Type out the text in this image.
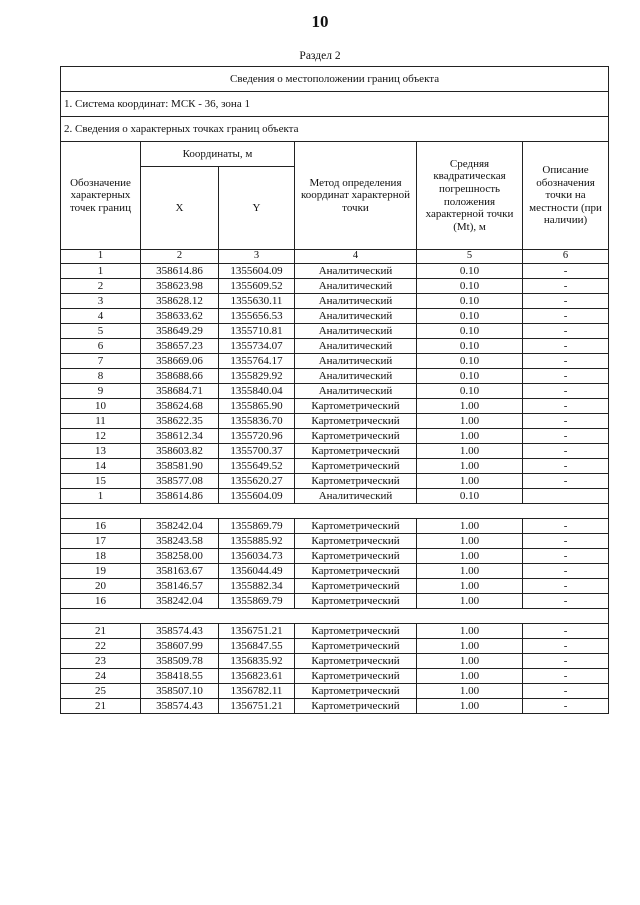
10
Раздел 2
Сведения о местоположении границ объекта					
1. Система координат: МСК - 36, зона 1					
2. Сведения о характерных точках границ объекта					
Обозначение характерных точек границ	Координаты, м		Метод определения координат характерной точки	Средняя квадратическая погрешность положения характерной точки (Mt), м	Описание обозначения точки на местности (при наличии)
	X	Y			
1	2	3	4	5	6
1	358614.86	1355604.09	Аналитический	0.10	-
2	358623.98	1355609.52	Аналитический	0.10	-
3	358628.12	1355630.11	Аналитический	0.10	-
4	358633.62	1355656.53	Аналитический	0.10	-
5	358649.29	1355710.81	Аналитический	0.10	-
6	358657.23	1355734.07	Аналитический	0.10	-
7	358669.06	1355764.17	Аналитический	0.10	-
8	358688.66	1355829.92	Аналитический	0.10	-
9	358684.71	1355840.04	Аналитический	0.10	-
10	358624.68	1355865.90	Картометрический	1.00	-
11	358622.35	1355836.70	Картометрический	1.00	-
12	358612.34	1355720.96	Картометрический	1.00	-
13	358603.82	1355700.37	Картометрический	1.00	-
14	358581.90	1355649.52	Картометрический	1.00	-
15	358577.08	1355620.27	Картометрический	1.00	-
1	358614.86	1355604.09	Аналитический	0.10	

16	358242.04	1355869.79	Картометрический	1.00	-
17	358243.58	1355885.92	Картометрический	1.00	-
18	358258.00	1356034.73	Картометрический	1.00	-
19	358163.67	1356044.49	Картометрический	1.00	-
20	358146.57	1355882.34	Картометрический	1.00	-
16	358242.04	1355869.79	Картометрический	1.00	-

21	358574.43	1356751.21	Картометрический	1.00	-
22	358607.99	1356847.55	Картометрический	1.00	-
23	358509.78	1356835.92	Картометрический	1.00	-
24	358418.55	1356823.61	Картометрический	1.00	-
25	358507.10	1356782.11	Картометрический	1.00	-
21	358574.43	1356751.21	Картометрический	1.00	-
